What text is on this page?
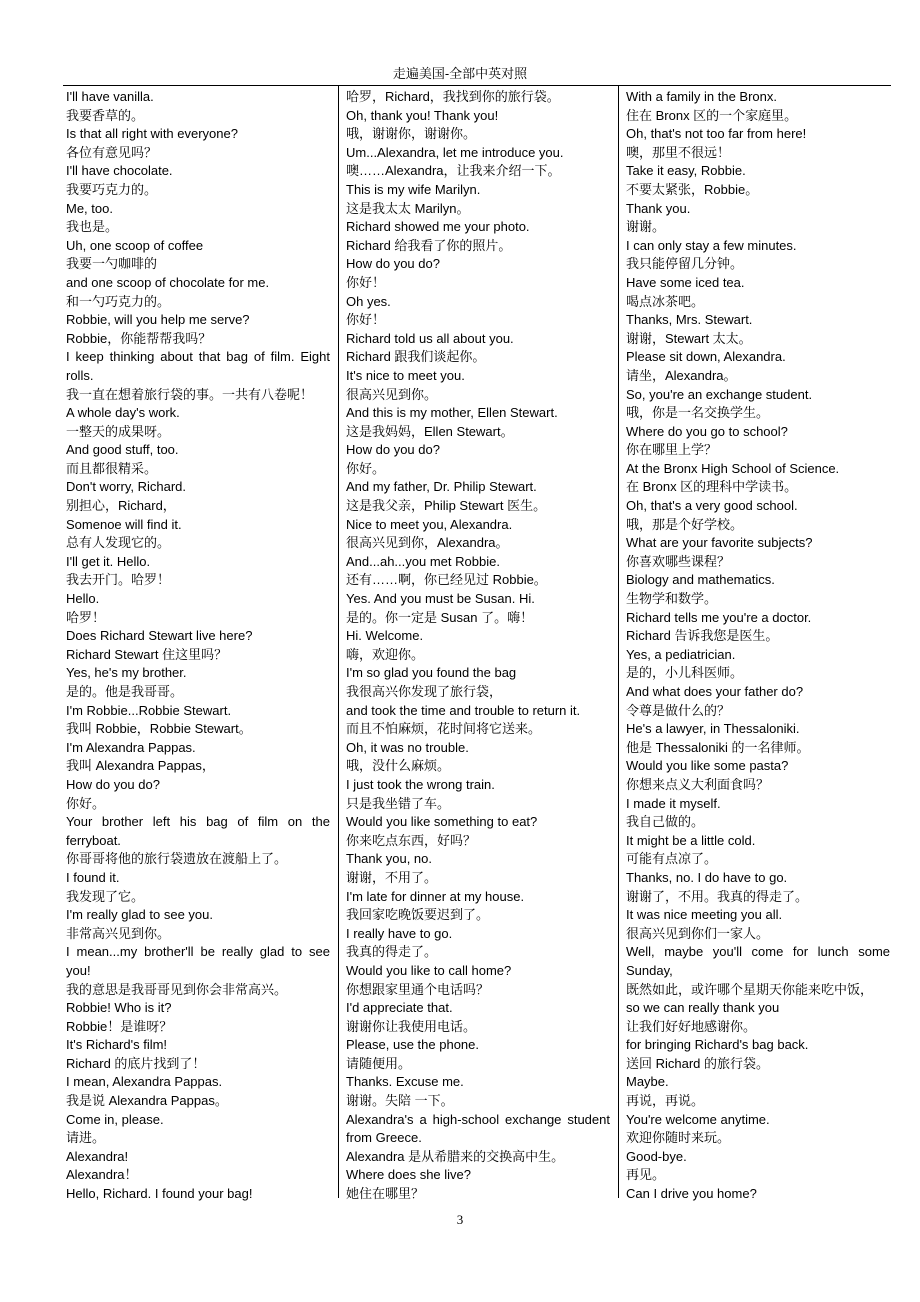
走遍美国-全部中英对照
I'll have vanilla.
我要香草的。
Is that all right with everyone?
各位有意见吗？
I'll have chocolate.
我要巧克力的。
Me, too.
我也是。
Uh, one scoop of coffee
我要一勺咖啡的
and one scoop of chocolate for me.
和一勺巧克力的。
Robbie, will you help me serve?
Robbie，你能帮帮我吗？
I keep thinking about that bag of film. Eight rolls.
我一直在想着旅行袋的事。一共有八卷呢！
A whole day's work.
一整天的成果呀。
And good stuff, too.
而且都很精采。
Don't worry, Richard.
别担心，Richard，
Somenoe will find it.
总有人发现它的。
I'll get it. Hello.
我去开门。哈罗！
Hello.
哈罗！
Does Richard Stewart live here?
Richard Stewart 住这里吗？
Yes, he's my brother.
是的。他是我哥哥。
I'm Robbie...Robbie Stewart.
我叫 Robbie，Robbie Stewart。
I'm Alexandra Pappas.
我叫 Alexandra Pappas，
How do you do?
你好。
Your brother left his bag of film on the ferryboat.
你哥哥将他的旅行袋遗放在渡船上了。
I found it.
我发现了它。
I'm really glad to see you.
非常高兴见到你。
I mean...my brother'll be really glad to see you!
我的意思是我哥哥见到你会非常高兴。
Robbie! Who is it?
Robbie！是谁呀？
It's Richard's film!
Richard 的底片找到了！
I mean, Alexandra Pappas.
我是说 Alexandra Pappas。
Come in, please.
请进。
Alexandra!
Alexandra！
Hello, Richard. I found your bag!
哈罗，Richard，我找到你的旅行袋。
Oh, thank you! Thank you!
哦，谢谢你，谢谢你。
Um...Alexandra, let me introduce you.
噢……Alexandra，让我来介绍一下。
This is my wife Marilyn.
这是我太太 Marilyn。
Richard showed me your photo.
Richard 给我看了你的照片。
How do you do?
你好！
Oh yes.
你好！
Richard told us all about you.
Richard 跟我们谈起你。
It's nice to meet you.
很高兴见到你。
And this is my mother, Ellen Stewart.
这是我妈妈，Ellen Stewart。
How do you do?
你好。
And my father, Dr. Philip Stewart.
这是我父亲，Philip Stewart 医生。
Nice to meet you, Alexandra.
很高兴见到你，Alexandra。
And...ah...you met Robbie.
还有……啊，你已经见过 Robbie。
Yes. And you must be Susan. Hi.
是的。你一定是 Susan 了。嗨！
Hi. Welcome.
嗨，欢迎你。
I'm so glad you found the bag
我很高兴你发现了旅行袋，
and took the time and trouble to return it.
而且不怕麻烦，花时间将它送来。
Oh, it was no trouble.
哦，没什么麻烦。
I just took the wrong train.
只是我坐错了车。
Would you like something to eat?
你来吃点东西，好吗？
Thank you, no.
谢谢，不用了。
I'm late for dinner at my house.
我回家吃晚饭要迟到了。
I really have to go.
我真的得走了。
Would you like to call home?
你想跟家里通个电话吗？
I'd appreciate that.
谢谢你让我使用电话。
Please, use the phone.
请随便用。
Thanks. Excuse me.
谢谢。失陪 一下。
Alexandra's a high-school exchange student from Greece.
Alexandra 是从希腊来的交换高中生。
Where does she live?
她住在哪里？
With a family in the Bronx.
住在 Bronx 区的一个家庭里。
Oh, that's not too far from here!
噢，那里不很远！
Take it easy, Robbie.
不要太紧张，Robbie。
Thank you.
谢谢。
I can only stay a few minutes.
我只能停留几分钟。
Have some iced tea.
喝点冰茶吧。
Thanks, Mrs. Stewart.
谢谢，Stewart 太太。
Please sit down, Alexandra.
请坐，Alexandra。
So, you're an exchange student.
哦，你是一名交换学生。
Where do you go to school?
你在哪里上学？
At the Bronx High School of Science.
在 Bronx 区的理科中学读书。
Oh, that's a very good school.
哦，那是个好学校。
What are your favorite subjects?
你喜欢哪些课程？
Biology and mathematics.
生物学和数学。
Richard tells me you're a doctor.
Richard 告诉我您是医生。
Yes, a pediatrician.
是的，小儿科医师。
And what does your father do?
令尊是做什么的？
He's a lawyer, in Thessaloniki.
他是 Thessaloniki 的一名律师。
Would you like some pasta?
你想来点义大利面食吗？
I made it myself.
我自己做的。
It might be a little cold.
可能有点凉了。
Thanks, no. I do have to go.
谢谢了，不用。我真的得走了。
It was nice meeting you all.
很高兴见到你们一家人。
Well, maybe you'll come for lunch some Sunday,
既然如此，或许哪个星期天你能来吃中饭，
so we can really thank you
让我们好好地感谢你。
for bringing Richard's bag back.
送回 Richard 的旅行袋。
Maybe.
再说，再说。
You're welcome anytime.
欢迎你随时来玩。
Good-bye.
再见。
Can I drive you home?
3
